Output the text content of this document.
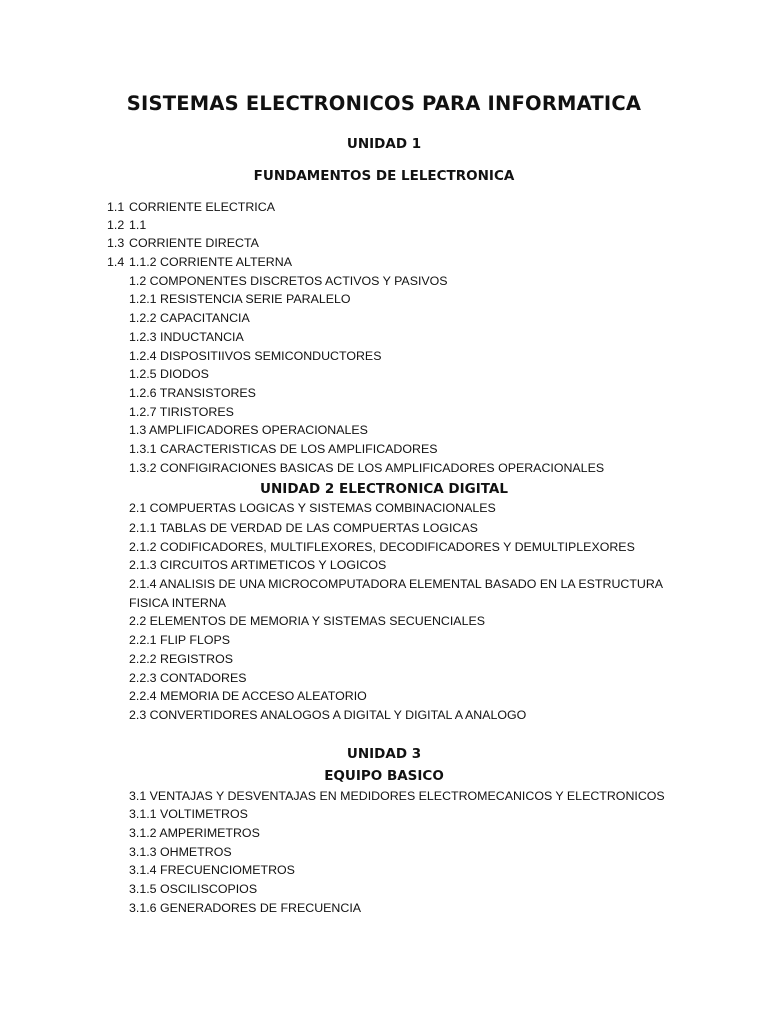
SISTEMAS ELECTRONICOS PARA INFORMATICA
UNIDAD 1
FUNDAMENTOS DE LELECTRONICA
1.1 CORRIENTE ELECTRICA
1.2 1.1
1.3 CORRIENTE DIRECTA
1.4 1.1.2 CORRIENTE ALTERNA
1.2 COMPONENTES DISCRETOS ACTIVOS Y PASIVOS
1.2.1 RESISTENCIA SERIE PARALELO
1.2.2 CAPACITANCIA
1.2.3 INDUCTANCIA
1.2.4 DISPOSITIIVOS SEMICONDUCTORES
1.2.5 DIODOS
1.2.6 TRANSISTORES
1.2.7 TIRISTORES
1.3 AMPLIFICADORES OPERACIONALES
1.3.1 CARACTERISTICAS DE LOS AMPLIFICADORES
1.3.2 CONFIGIRACIONES BASICAS DE LOS AMPLIFICADORES OPERACIONALES
UNIDAD 2 ELECTRONICA DIGITAL
2.1 COMPUERTAS LOGICAS Y SISTEMAS COMBINACIONALES
2.1.1 TABLAS DE VERDAD DE LAS COMPUERTAS LOGICAS
2.1.2 CODIFICADORES, MULTIFLEXORES, DECODIFICADORES Y DEMULTIPLEXORES
2.1.3 CIRCUITOS ARTIMETICOS Y LOGICOS
2.1.4 ANALISIS DE UNA MICROCOMPUTADORA ELEMENTAL BASADO EN LA ESTRUCTURA
FISICA INTERNA
2.2 ELEMENTOS DE MEMORIA Y SISTEMAS SECUENCIALES
2.2.1 FLIP FLOPS
2.2.2 REGISTROS
2.2.3 CONTADORES
2.2.4 MEMORIA DE ACCESO ALEATORIO
2.3 CONVERTIDORES ANALOGOS A DIGITAL Y DIGITAL A ANALOGO
UNIDAD 3
EQUIPO BASICO
3.1 VENTAJAS Y DESVENTAJAS EN MEDIDORES ELECTROMECANICOS Y ELECTRONICOS
3.1.1 VOLTIMETROS
3.1.2 AMPERIMETROS
3.1.3 OHMETROS
3.1.4 FRECUENCIOMETROS
3.1.5 OSCILISCOPIOS
3.1.6 GENERADORES DE FRECUENCIA
